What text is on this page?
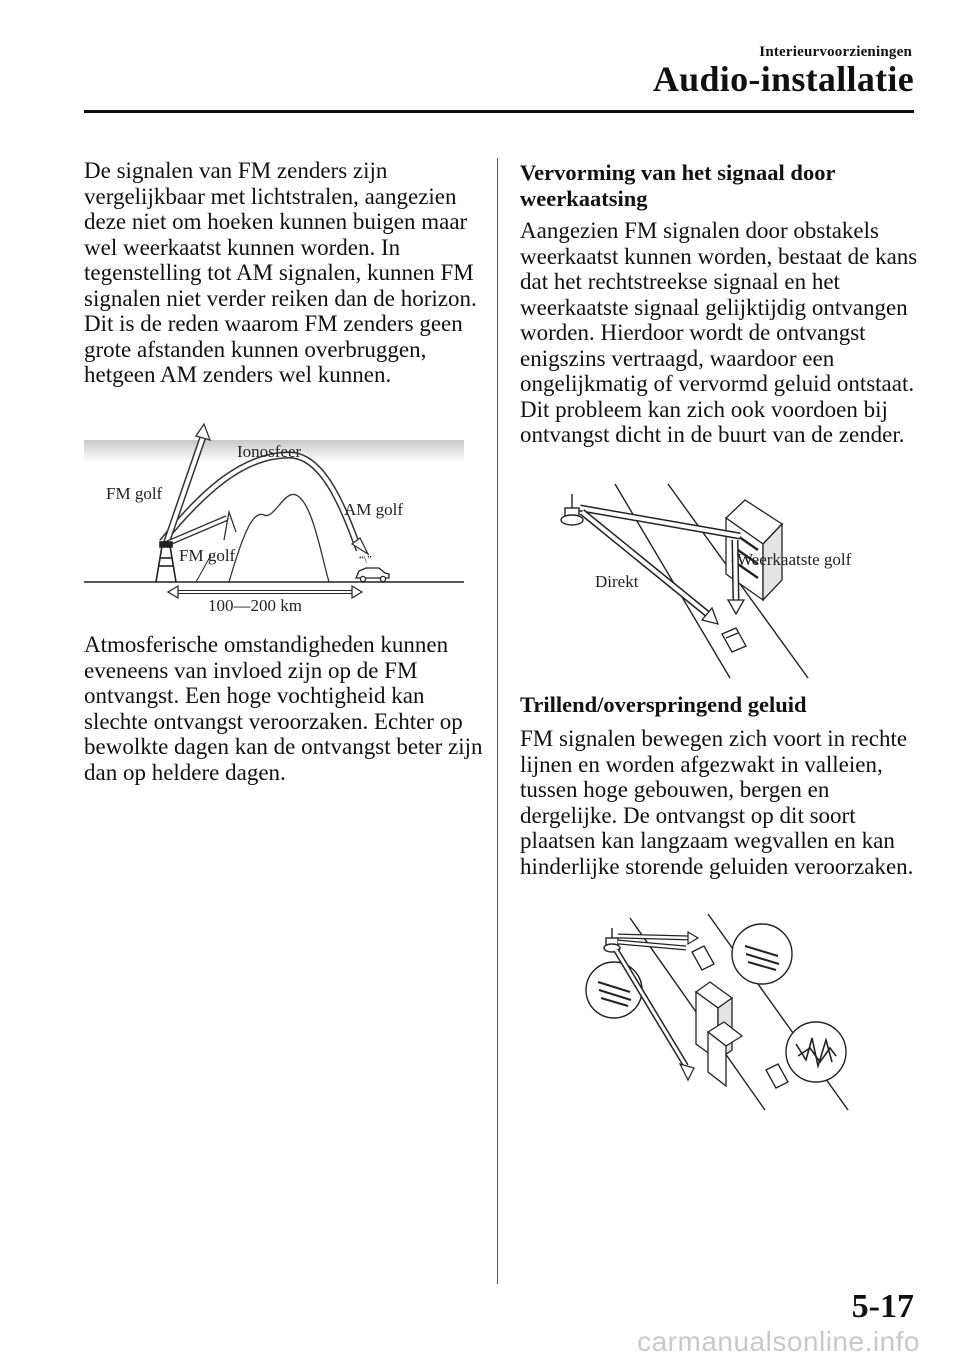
Interieurvoorzieningen
Audio-installatie

De signalen van FM zenders zijn vergelijkbaar met lichtstralen, aangezien deze niet om hoeken kunnen buigen maar wel weerkaatst kunnen worden. In tegenstelling tot AM signalen, kunnen FM signalen niet verder reiken dan de horizon. Dit is de reden waarom FM zenders geen grote afstanden kunnen overbruggen, hetgeen AM zenders wel kunnen.

“\”
Ionosfeer
FM golf
AM golf
FM golf
100—200 km

Atmosferische omstandigheden kunnen eveneens van invloed zijn op de FM ontvangst. Een hoge vochtigheid kan slechte ontvangst veroorzaken. Echter op bewolkte dagen kan de ontvangst beter zijn dan op heldere dagen.

Vervorming van het signaal door weerkaatsing

Aangezien FM signalen door obstakels weerkaatst kunnen worden, bestaat de kans dat het rechtstreekse signaal en het weerkaatste signaal gelijktijdig ontvangen worden. Hierdoor wordt de ontvangst enigszins vertraagd, waardoor een ongelijkmatig of vervormd geluid ontstaat. Dit probleem kan zich ook voordoen bij ontvangst dicht in de buurt van de zender.

Direkt
Weerkaatste golf

Trillend/overspringend geluid

FM signalen bewegen zich voort in rechte lijnen en worden afgezwakt in valleien, tussen hoge gebouwen, bergen en dergelijke. De ontvangst op dit soort plaatsen kan langzaam wegvallen en kan hinderlijke storende geluiden veroorzaken.

5-17
carmanualsonline.info
